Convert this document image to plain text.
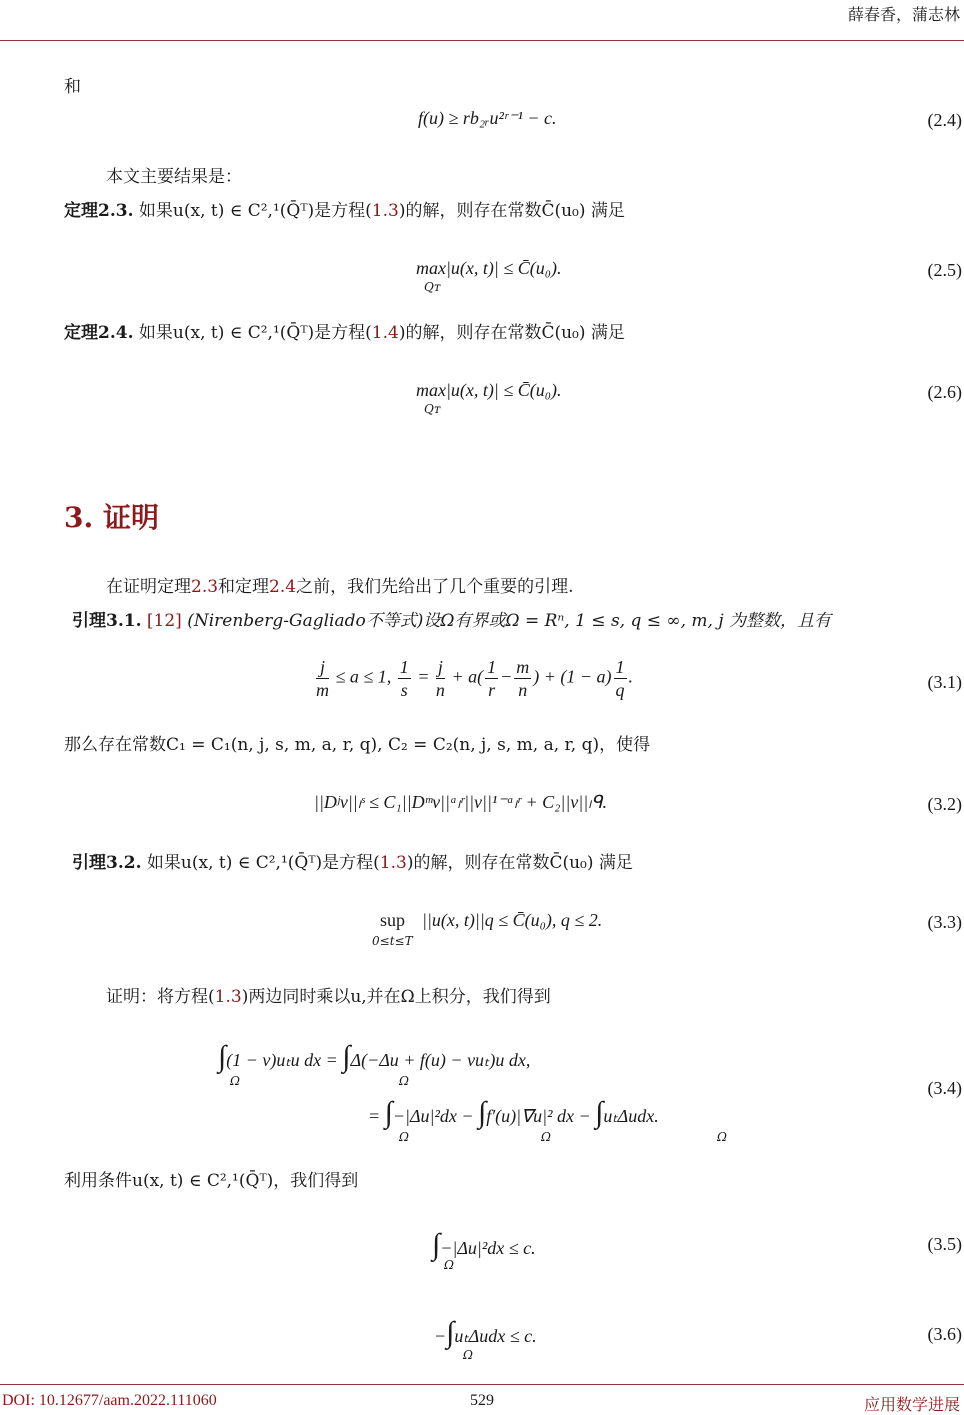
薛春香，蒲志林
和
f(u) ≥ rb₂ᵣu²ʳ⁻¹ − c.	(2.4)
本文主要结果是：
定理2.3. 如果u(x, t) ∈ C²,¹(Q̄ᵀ)是方程(1.3)的解，则存在常数C̄(u₀) 满足
max|u(x, t)| ≤ C̄(u₀).
Qᴛ
(2.5)
定理2.4. 如果u(x, t) ∈ C²,¹(Q̄ᵀ)是方程(1.4)的解，则存在常数C̄(u₀) 满足
max|u(x, t)| ≤ C̄(u₀).
Qᴛ
(2.6)
3. 证明
在证明定理2.3和定理2.4之前，我们先给出了几个重要的引理.
引理3.1. [12] (Nirenberg-Gagliado不等式)设Ω有界或Ω = Rⁿ, 1 ≤ s, q ≤ ∞, m, j 为整数，且有
$\frac{j}{m} \le a \le 1$, $\frac{1}{s} = \frac{j}{n} + a( \frac{1}{r} - \frac{m}{n}$ ) + $(1 - a) \frac{1}{q}$ .	(3.1)
那么存在常数C₁ = C₁(n, j, s, m, a, r, q), C₂ = C₂(n, j, s, m, a, r, q)，使得
||Dʲν||ₗˢ ≤ C₁||Dᵐν||ᵃₗʳ||ν||¹⁻ᵃₗʳ + C₂||ν||ₗᑫ.	(3.2)
引理3.2. 如果u(x, t) ∈ C²,¹(Q̄ᵀ)是方程(1.3)的解，则存在常数C̄(u₀) 满足
sup
0≤t≤T
||u(x, t)||q ≤ C̄(u₀), q ≤ 2.	(3.3)
证明：将方程(1.3)两边同时乘以u,并在Ω上积分，我们得到
∫(1 − ν)uₜu dx = ∫Δ(−Δu + f(u) − νuₜ)u dx,
Ω	Ω
= ∫−|Δu|²dx − ∫f′(u)|∇u|² dx − ∫uₜΔudx.
Ω	Ω	Ω
(3.4)
利用条件u(x, t) ∈ C²,¹(Q̄ᵀ)，我们得到
∫−|Δu|²dx ≤ c.
Ω
(3.5)
−∫uₜΔudx ≤ c.
Ω
(3.6)
DOI: 10.12677/aam.2022.111060	529	应用数学进展
